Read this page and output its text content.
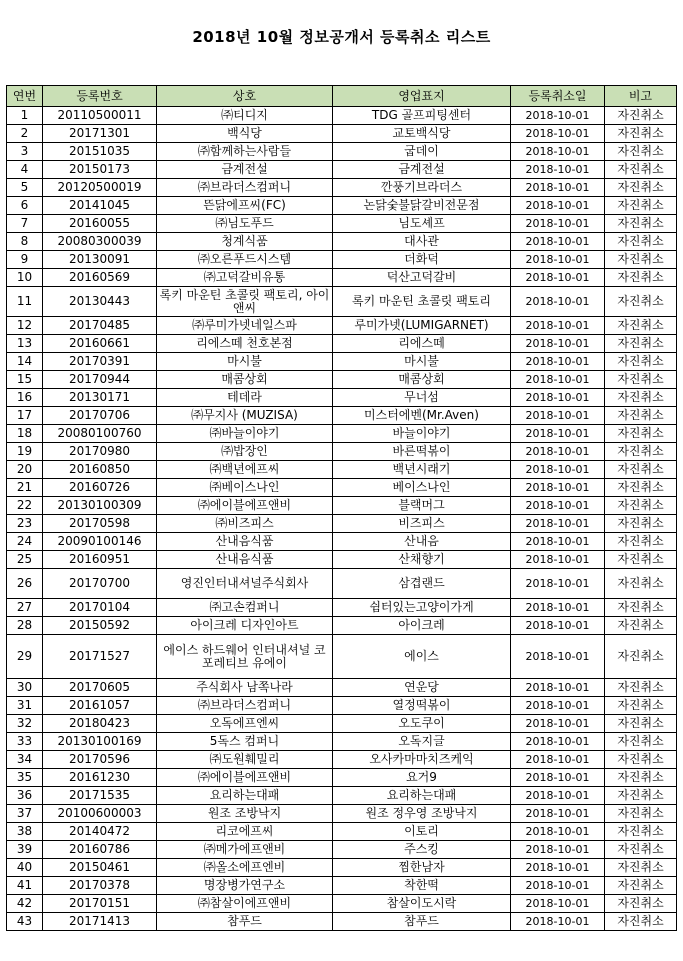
2018년 10월 정보공개서 등록취소 리스트
연번	등록번호	상호	영업표지	등록취소일	비고
1	20110500011	㈜티디지	TDG 골프피팅센터	2018-10-01	자진취소
2	20171301	백식당	교토백식당	2018-10-01	자진취소
3	20151035	㈜함께하는사람들	굽데이	2018-10-01	자진취소
4	20150173	금계전설	금계전설	2018-10-01	자진취소
5	20120500019	㈜브라더스컴퍼니	깐풍기브라더스	2018-10-01	자진취소
6	20141045	뜬닭에프씨(FC)	논닭숯불닭갈비전문점	2018-10-01	자진취소
7	20160055	㈜님도푸드	님도셰프	2018-10-01	자진취소
8	20080300039	청계식품	대사관	2018-10-01	자진취소
9	20130091	㈜오른푸드시스템	더화덕	2018-10-01	자진취소
10	20160569	㈜고덕갈비유통	덕산고덕갈비	2018-10-01	자진취소
11	20130443	록키 마운틴 초콜릿 팩토리, 아이앤씨	록키 마운틴 초콜릿 팩토리	2018-10-01	자진취소
12	20170485	㈜루미가넷네일스파	루미가넷(LUMIGARNET)	2018-10-01	자진취소
13	20160661	리에스떼 천호본점	리에스떼	2018-10-01	자진취소
14	20170391	마시불	마시불	2018-10-01	자진취소
15	20170944	매콤상회	매콤상회	2018-10-01	자진취소
16	20130171	테데라	무너섬	2018-10-01	자진취소
17	20170706	㈜무지사 (MUZISA)	미스터에벤(Mr.Aven)	2018-10-01	자진취소
18	20080100760	㈜바늘이야기	바늘이야기	2018-10-01	자진취소
19	20170980	㈜밥장인	바른떡볶이	2018-10-01	자진취소
20	20160850	㈜백년에프씨	백년시래기	2018-10-01	자진취소
21	20160726	㈜베이스나인	베이스나인	2018-10-01	자진취소
22	20130100309	㈜에이블에프앤비	블랙머그	2018-10-01	자진취소
23	20170598	㈜비즈피스	비즈피스	2018-10-01	자진취소
24	20090100146	산내음식품	산내음	2018-10-01	자진취소
25	20160951	산내음식품	산채향기	2018-10-01	자진취소
26	20170700	영진인터내셔널주식회사	삼겹랜드	2018-10-01	자진취소
27	20170104	㈜고손컴퍼니	쉼터있는고양이가게	2018-10-01	자진취소
28	20150592	아이크레 디자인아트	아이크레	2018-10-01	자진취소
29	20171527	에이스 하드웨어 인터내셔널 코포레티브 유에이	에이스	2018-10-01	자진취소
30	20170605	주식회사 남쪽나라	연운당	2018-10-01	자진취소
31	20161057	㈜브라더스컴퍼니	열정떡볶이	2018-10-01	자진취소
32	20180423	오독에프엔씨	오도쿠이	2018-10-01	자진취소
33	20130100169	5독스 컴퍼니	오독지글	2018-10-01	자진취소
34	20170596	㈜도원훼밀리	오사카마마치즈케익	2018-10-01	자진취소
35	20161230	㈜에이블에프앤비	요거9	2018-10-01	자진취소
36	20171535	요리하는대패	요리하는대패	2018-10-01	자진취소
37	20100600003	원조 조방낙지	원조 정우영 조방낙지	2018-10-01	자진취소
38	20140472	리코에프씨	이토리	2018-10-01	자진취소
39	20160786	㈜메가에프앤비	주스킹	2018-10-01	자진취소
40	20150461	㈜올소에프엔비	찜한남자	2018-10-01	자진취소
41	20170378	명장병가연구소	착한떡	2018-10-01	자진취소
42	20170151	㈜참살이에프앤비	참살이도시락	2018-10-01	자진취소
43	20171413	참푸드	참푸드	2018-10-01	자진취소
